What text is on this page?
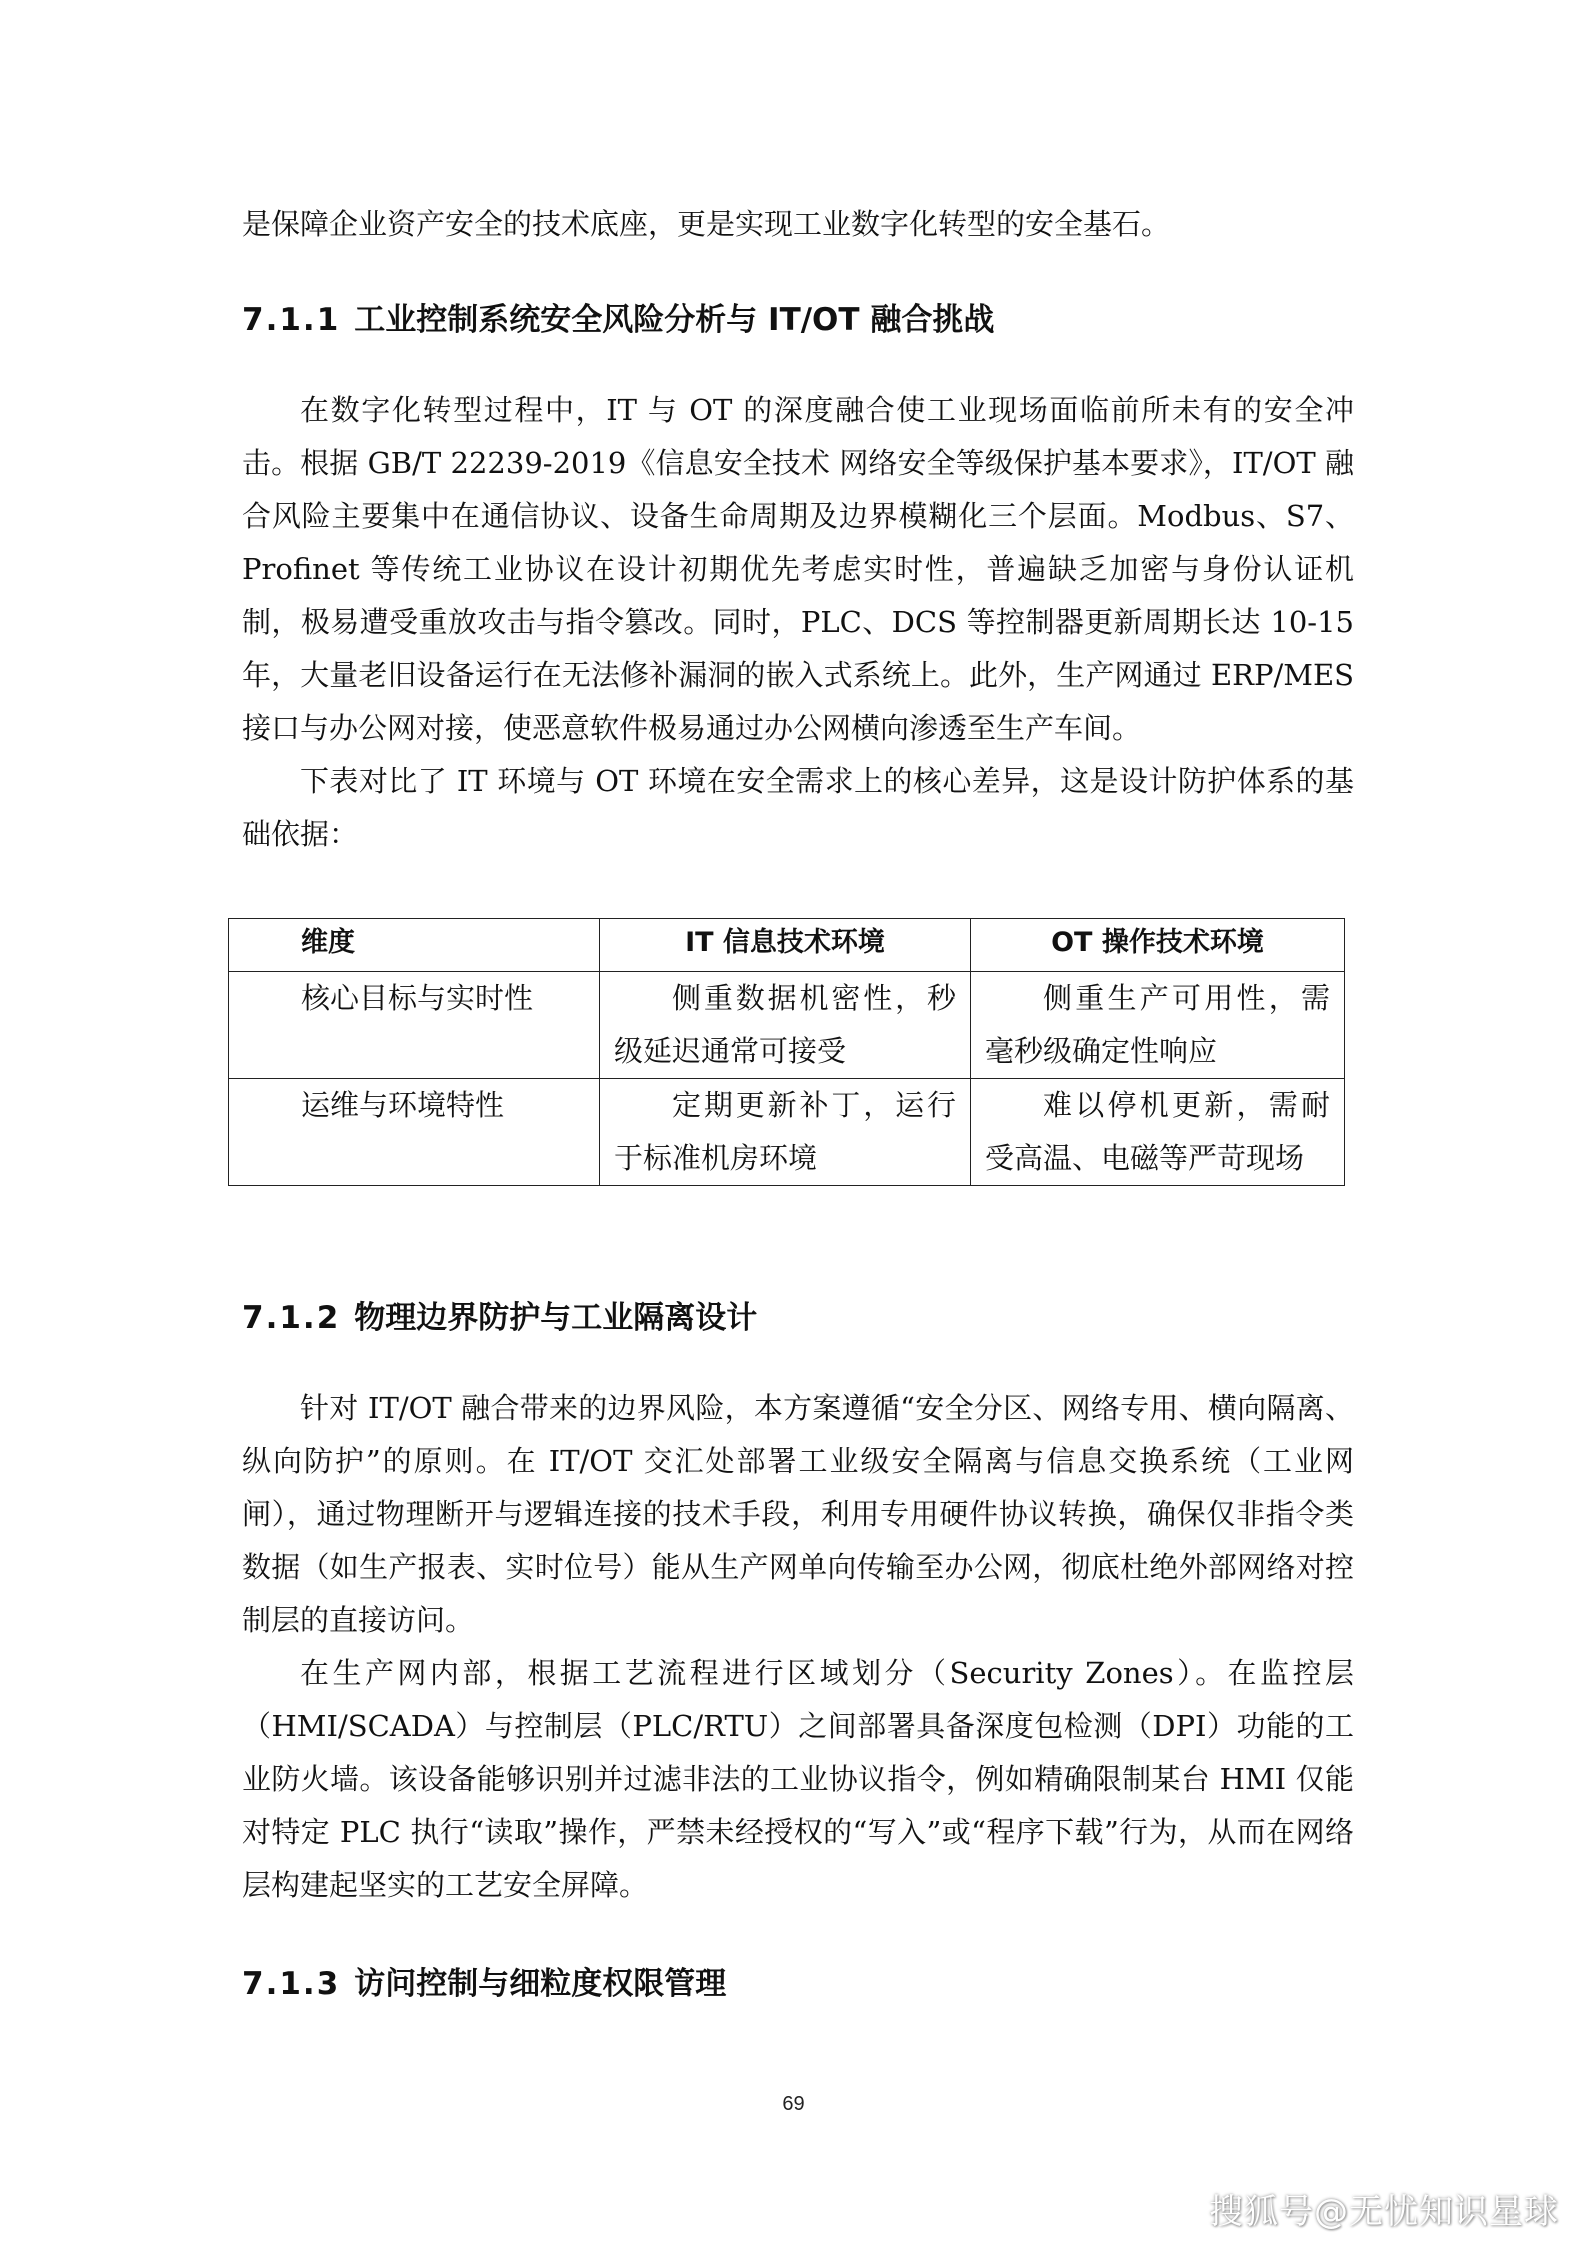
是保障企业资产安全的技术底座，更是实现工业数字化转型的安全基石。

7.1.1 工业控制系统安全风险分析与 IT/OT 融合挑战

在数字化转型过程中，IT 与 OT 的深度融合使工业现场面临前所未有的安全冲击。根据 GB/T 22239-2019《信息安全技术 网络安全等级保护基本要求》，IT/OT 融合风险主要集中在通信协议、设备生命周期及边界模糊化三个层面。Modbus、S7、Profinet 等传统工业协议在设计初期优先考虑实时性，普遍缺乏加密与身份认证机制，极易遭受重放攻击与指令篡改。同时，PLC、DCS 等控制器更新周期长达 10-15 年，大量老旧设备运行在无法修补漏洞的嵌入式系统上。此外，生产网通过 ERP/MES 接口与办公网对接，使恶意软件极易通过办公网横向渗透至生产车间。

下表对比了 IT 环境与 OT 环境在安全需求上的核心差异，这是设计防护体系的基础依据：

维度	IT 信息技术环境	OT 操作技术环境
核心目标与实时性	侧重数据机密性，秒级延迟通常可接受	侧重生产可用性，需毫秒级确定性响应
运维与环境特性	定期更新补丁，运行于标准机房环境	难以停机更新，需耐受高温、电磁等严苛现场
7.1.2 物理边界防护与工业隔离设计

针对 IT/OT 融合带来的边界风险，本方案遵循“安全分区、网络专用、横向隔离、纵向防护”的原则。在 IT/OT 交汇处部署工业级安全隔离与信息交换系统（工业网闸），通过物理断开与逻辑连接的技术手段，利用专用硬件协议转换，确保仅非指令类数据（如生产报表、实时位号）能从生产网单向传输至办公网，彻底杜绝外部网络对控制层的直接访问。

在生产网内部，根据工艺流程进行区域划分（Security Zones）。在监控层（HMI/SCADA）与控制层（PLC/RTU）之间部署具备深度包检测（DPI）功能的工业防火墙。该设备能够识别并过滤非法的工业协议指令，例如精确限制某台 HMI 仅能对特定 PLC 执行“读取”操作，严禁未经授权的“写入”或“程序下载”行为，从而在网络层构建起坚实的工艺安全屏障。

7.1.3 访问控制与细粒度权限管理
69
搜狐号@无忧知识星球
